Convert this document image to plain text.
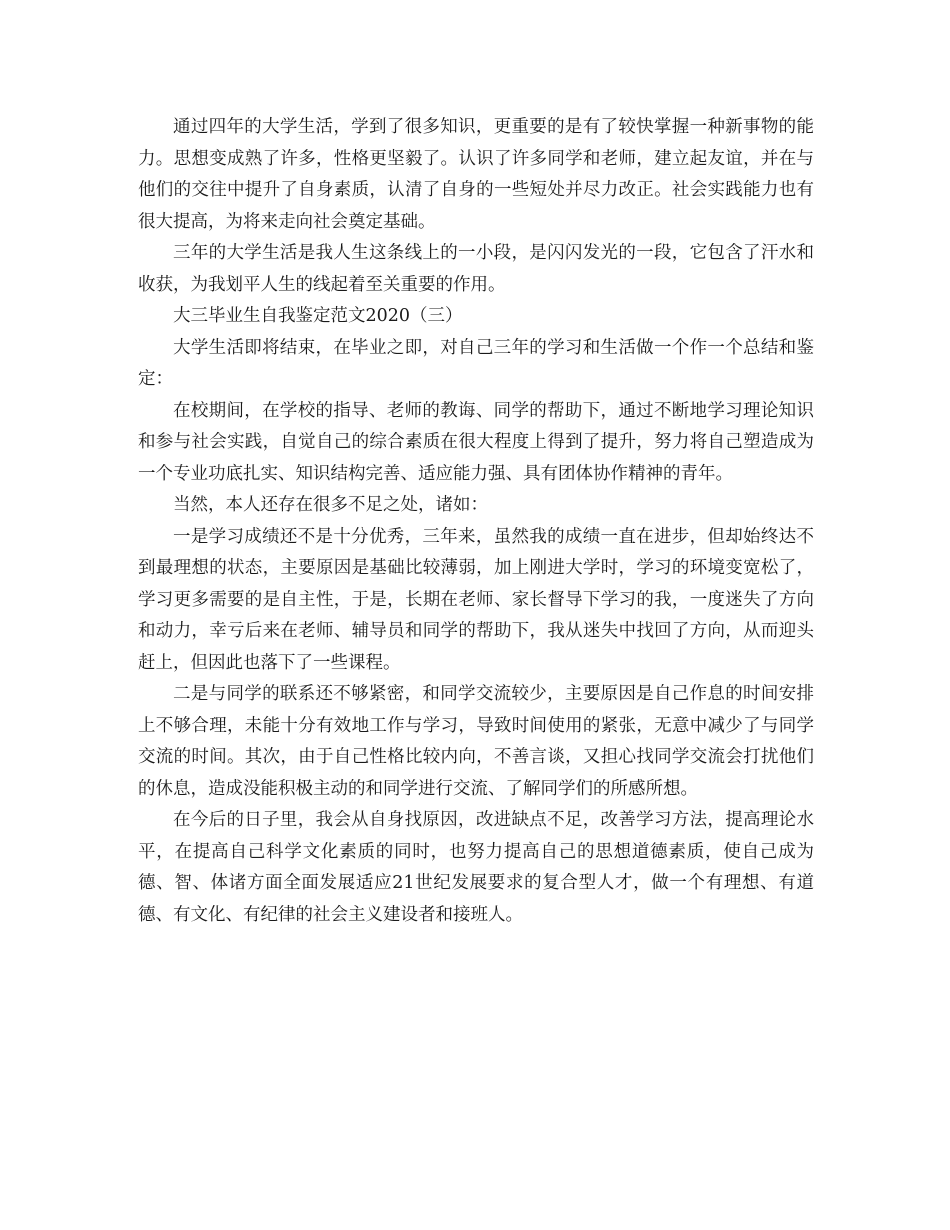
通过四年的大学生活，学到了很多知识，更重要的是有了较快掌握一种新事物的能力。思想变成熟了许多，性格更坚毅了。认识了许多同学和老师，建立起友谊，并在与他们的交往中提升了自身素质，认清了自身的一些短处并尽力改正。社会实践能力也有很大提高，为将来走向社会奠定基础。

三年的大学生活是我人生这条线上的一小段，是闪闪发光的一段，它包含了汗水和收获，为我划平人生的线起着至关重要的作用。

大三毕业生自我鉴定范文2020（三）

大学生活即将结束，在毕业之即，对自己三年的学习和生活做一个作一个总结和鉴定：

在校期间，在学校的指导、老师的教诲、同学的帮助下，通过不断地学习理论知识和参与社会实践，自觉自己的综合素质在很大程度上得到了提升，努力将自己塑造成为一个专业功底扎实、知识结构完善、适应能力强、具有团体协作精神的青年。

当然，本人还存在很多不足之处，诸如：

一是学习成绩还不是十分优秀，三年来，虽然我的成绩一直在进步，但却始终达不到最理想的状态，主要原因是基础比较薄弱，加上刚进大学时，学习的环境变宽松了，学习更多需要的是自主性，于是，长期在老师、家长督导下学习的我，一度迷失了方向和动力，幸亏后来在老师、辅导员和同学的帮助下，我从迷失中找回了方向，从而迎头赶上，但因此也落下了一些课程。

二是与同学的联系还不够紧密，和同学交流较少，主要原因是自己作息的时间安排上不够合理，未能十分有效地工作与学习，导致时间使用的紧张，无意中减少了与同学交流的时间。其次，由于自己性格比较内向，不善言谈，又担心找同学交流会打扰他们的休息，造成没能积极主动的和同学进行交流、了解同学们的所感所想。

在今后的日子里，我会从自身找原因，改进缺点不足，改善学习方法，提高理论水平，在提高自己科学文化素质的同时，也努力提高自己的思想道德素质，使自己成为德、智、体诸方面全面发展适应21世纪发展要求的复合型人才，做一个有理想、有道德、有文化、有纪律的社会主义建设者和接班人。
